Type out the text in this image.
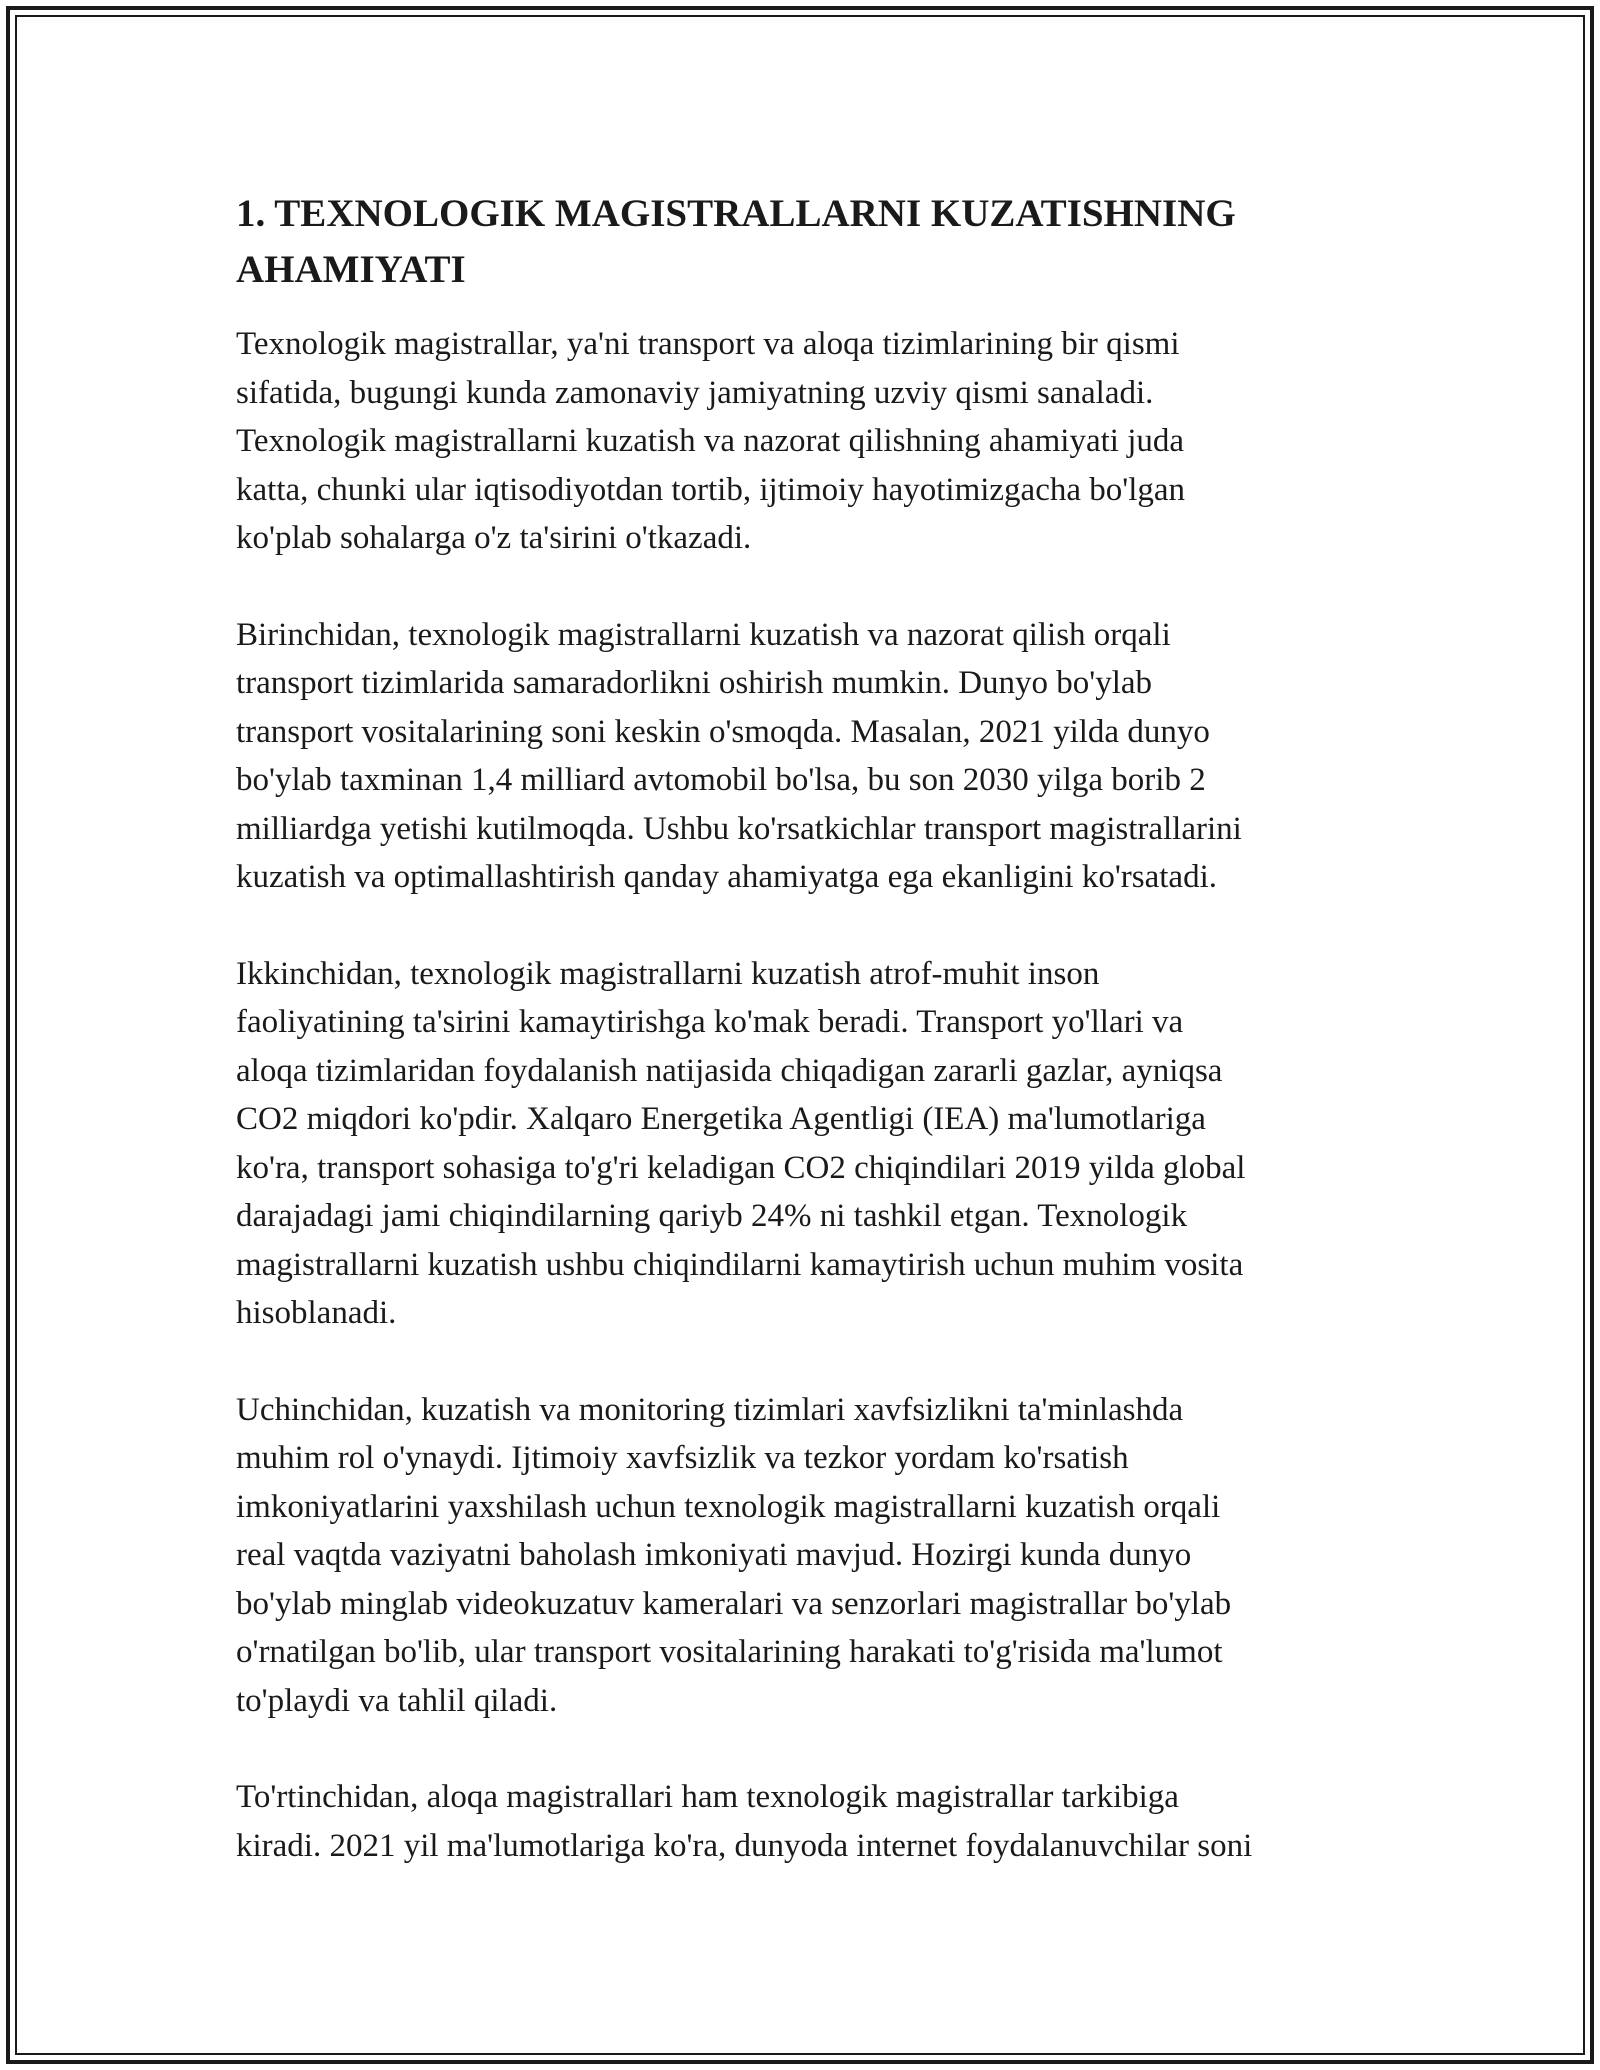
1. TEXNOLOGIK MAGISTRALLARNI KUZATISHNING
AHAMIYATI

Texnologik magistrallar, ya'ni transport va aloqa tizimlarining bir qismi
sifatida, bugungi kunda zamonaviy jamiyatning uzviy qismi sanaladi.
Texnologik magistrallarni kuzatish va nazorat qilishning ahamiyati juda
katta, chunki ular iqtisodiyotdan tortib, ijtimoiy hayotimizgacha bo'lgan
ko'plab sohalarga o'z ta'sirini o'tkazadi.

Birinchidan, texnologik magistrallarni kuzatish va nazorat qilish orqali
transport tizimlarida samaradorlikni oshirish mumkin. Dunyo bo'ylab
transport vositalarining soni keskin o'smoqda. Masalan, 2021 yilda dunyo
bo'ylab taxminan 1,4 milliard avtomobil bo'lsa, bu son 2030 yilga borib 2
milliardga yetishi kutilmoqda. Ushbu ko'rsatkichlar transport magistrallarini
kuzatish va optimallashtirish qanday ahamiyatga ega ekanligini ko'rsatadi.

Ikkinchidan, texnologik magistrallarni kuzatish atrof-muhit inson
faoliyatining ta'sirini kamaytirishga ko'mak beradi. Transport yo'llari va
aloqa tizimlaridan foydalanish natijasida chiqadigan zararli gazlar, ayniqsa
CO2 miqdori ko'pdir. Xalqaro Energetika Agentligi (IEA) ma'lumotlariga
ko'ra, transport sohasiga to'g'ri keladigan CO2 chiqindilari 2019 yilda global
darajadagi jami chiqindilarning qariyb 24% ni tashkil etgan. Texnologik
magistrallarni kuzatish ushbu chiqindilarni kamaytirish uchun muhim vosita
hisoblanadi.

Uchinchidan, kuzatish va monitoring tizimlari xavfsizlikni ta'minlashda
muhim rol o'ynaydi. Ijtimoiy xavfsizlik va tezkor yordam ko'rsatish
imkoniyatlarini yaxshilash uchun texnologik magistrallarni kuzatish orqali
real vaqtda vaziyatni baholash imkoniyati mavjud. Hozirgi kunda dunyo
bo'ylab minglab videokuzatuv kameralari va senzorlari magistrallar bo'ylab
o'rnatilgan bo'lib, ular transport vositalarining harakati to'g'risida ma'lumot
to'playdi va tahlil qiladi.

To'rtinchidan, aloqa magistrallari ham texnologik magistrallar tarkibiga
kiradi. 2021 yil ma'lumotlariga ko'ra, dunyoda internet foydalanuvchilar soni
